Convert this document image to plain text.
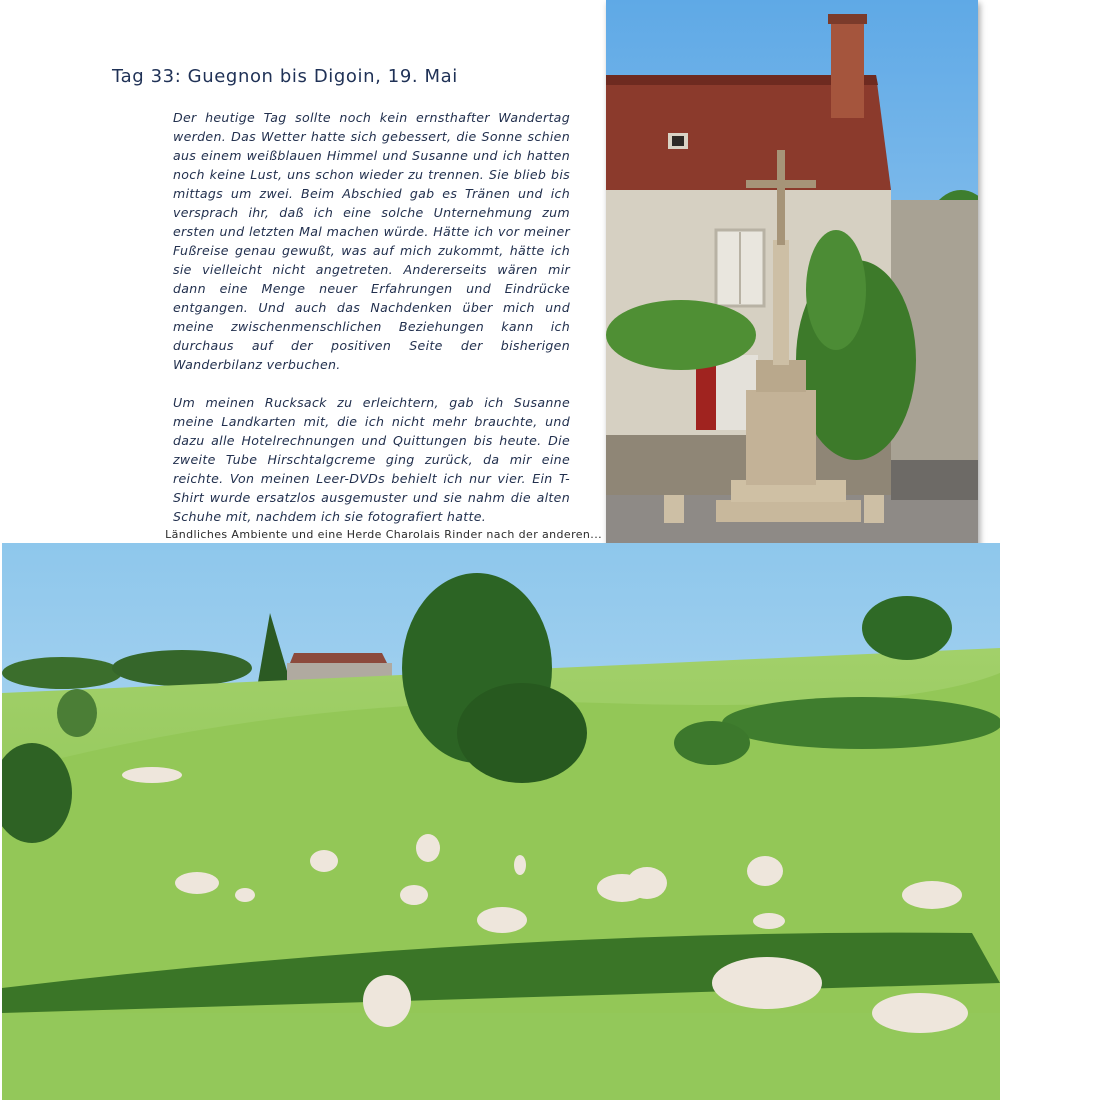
Tag 33: Guegnon bis Digoin, 19. Mai

Der heutige Tag sollte noch kein ernsthafter Wandertag werden. Das Wetter hatte sich gebessert, die Sonne schien aus einem weißblauen Himmel und Susanne und ich hatten noch keine Lust, uns schon wieder zu trennen. Sie blieb bis mittags um zwei. Beim Abschied gab es Tränen und ich versprach ihr, daß ich eine solche Unternehmung zum ersten und letzten Mal machen würde. Hätte ich vor meiner Fußreise genau gewußt, was auf mich zukommt, hätte ich sie vielleicht nicht angetreten. Andererseits wären mir dann eine Menge neuer Erfahrungen und Eindrücke entgangen. Und auch das Nachdenken über mich und meine zwischenmenschlichen Beziehungen kann ich durchaus auf der positiven Seite der bisherigen Wanderbilanz verbuchen.

Um meinen Rucksack zu erleichtern, gab ich Susanne meine Landkarten mit, die ich nicht mehr brauchte, und dazu alle Hotelrechnungen und Quittungen bis heute. Die zweite Tube Hirschtalgcreme ging zurück, da mir eine reichte. Von meinen Leer-DVDs behielt ich nur vier. Ein T-Shirt wurde ersatzlos ausgemuster und sie nahm die alten Schuhe mit, nachdem ich sie fotografiert hatte.

Ländliches Ambiente und eine Herde Charolais Rinder nach der anderen...
